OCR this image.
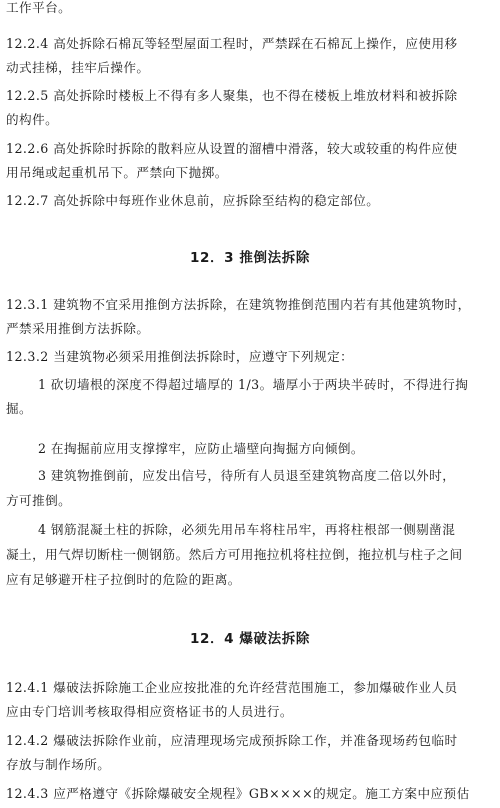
工作平台。
12.2.4 高处拆除石棉瓦等轻型屋面工程时，严禁踩在石棉瓦上操作，应使用移
动式挂梯，挂牢后操作。
12.2.5 高处拆除时楼板上不得有多人聚集，也不得在楼板上堆放材料和被拆除
的构件。
12.2.6 高处拆除时拆除的散料应从设置的溜槽中滑落，较大或较重的构件应使
用吊绳或起重机吊下。严禁向下抛掷。
12.2.7 高处拆除中每班作业休息前，应拆除至结构的稳定部位。
12．3 推倒法拆除
12.3.1 建筑物不宜采用推倒方法拆除，在建筑物推倒范围内若有其他建筑物时，
严禁采用推倒方法拆除。
12.3.2 当建筑物必须采用推倒法拆除时，应遵守下列规定：
1 砍切墙根的深度不得超过墙厚的 1/3。墙厚小于两块半砖时，不得进行掏
掘。
2 在掏掘前应用支撑撑牢，应防止墙壁向掏掘方向倾倒。
3 建筑物推倒前，应发出信号，待所有人员退至建筑物高度二倍以外时，
方可推倒。
4 钢筋混凝土柱的拆除，必须先用吊车将柱吊牢，再将柱根部一侧剔凿混
凝土，用气焊切断柱一侧钢筋。然后方可用拖拉机将柱拉倒，拖拉机与柱子之间
应有足够避开柱子拉倒时的危险的距离。
12．4 爆破法拆除
12.4.1 爆破法拆除施工企业应按批准的允许经营范围施工，参加爆破作业人员
应由专门培训考核取得相应资格证书的人员进行。
12.4.2 爆破法拆除作业前，应清理现场完成预拆除工作，并准备现场药包临时
存放与制作场所。
12.4.3 应严格遵守《拆除爆破安全规程》GB××××的规定。施工方案中应预估
